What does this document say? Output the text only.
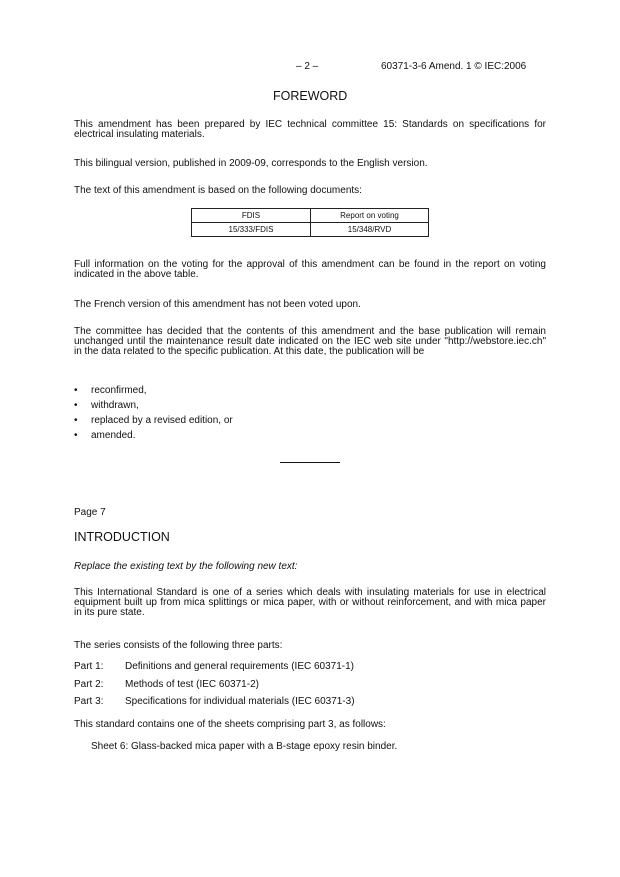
– 2 –	60371-3-6 Amend. 1 © IEC:2006
FOREWORD
This amendment has been prepared by IEC technical committee 15: Standards on specifications for electrical insulating materials.
This bilingual version, published in 2009-09, corresponds to the English version.
The text of this amendment is based on the following documents:
FDIS	Report on voting
15/333/FDIS	15/348/RVD
Full information on the voting for the approval of this amendment can be found in the report on voting indicated in the above table.
The French version of this amendment has not been voted upon.
The committee has decided that the contents of this amendment and the base publication will remain unchanged until the maintenance result date indicated on the IEC web site under "http://webstore.iec.ch" in the data related to the specific publication. At this date, the publication will be
• reconfirmed,
• withdrawn,
• replaced by a revised edition, or
• amended.
Page 7
INTRODUCTION
Replace the existing text by the following new text:
This International Standard is one of a series which deals with insulating materials for use in electrical equipment built up from mica splittings or mica paper, with or without reinforcement, and with mica paper in its pure state.
The series consists of the following three parts:
Part 1: Definitions and general requirements (IEC 60371-1)
Part 2: Methods of test (IEC 60371-2)
Part 3: Specifications for individual materials (IEC 60371-3)
This standard contains one of the sheets comprising part 3, as follows:
Sheet 6: Glass-backed mica paper with a B-stage epoxy resin binder.
